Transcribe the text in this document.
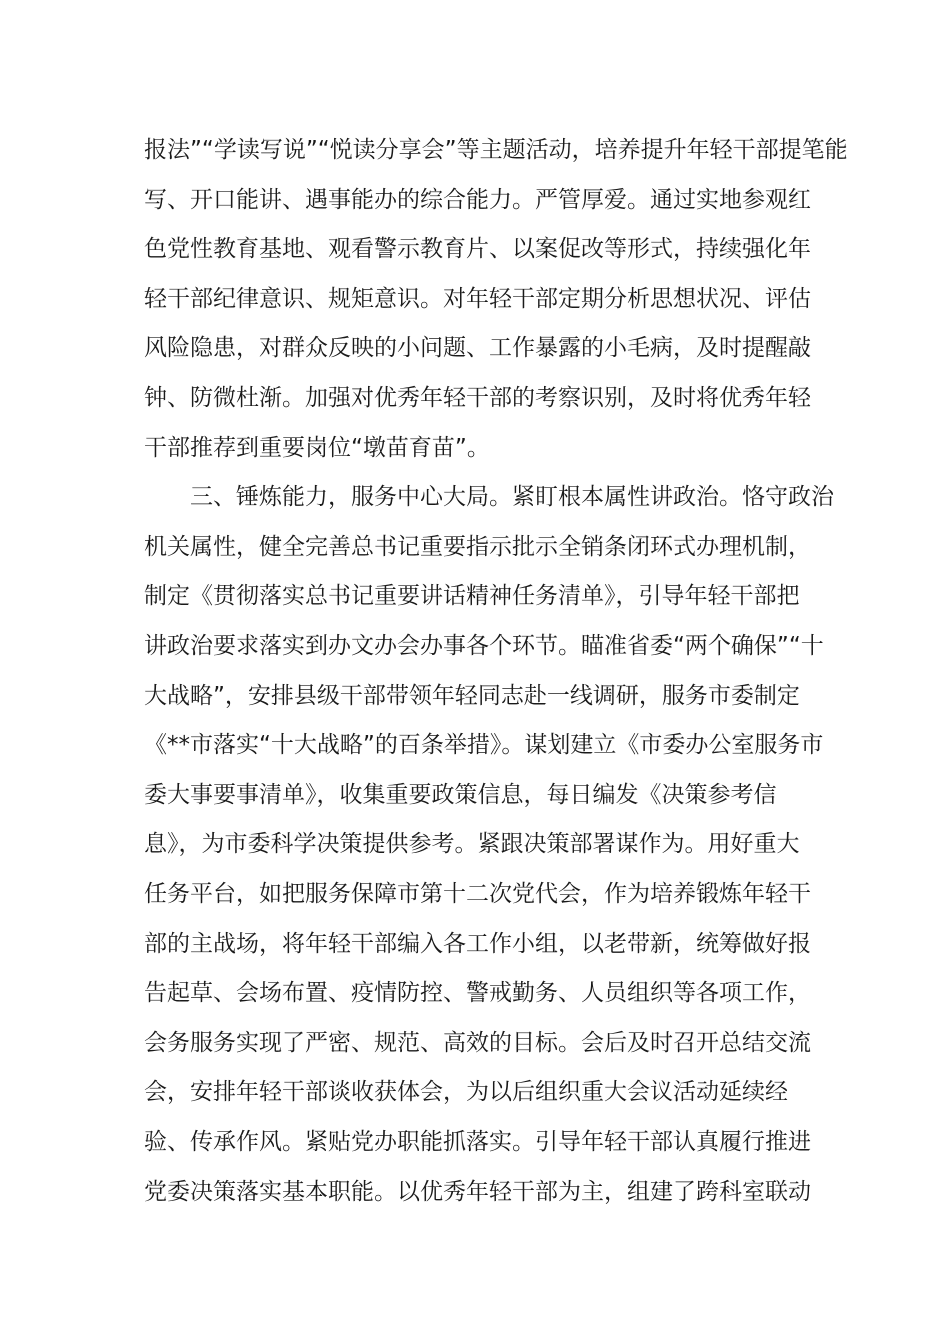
报法”“学读写说”“悦读分享会”等主题活动，培养提升年轻干部提笔能
写、开口能讲、遇事能办的综合能力。严管厚爱。通过实地参观红
色党性教育基地、观看警示教育片、以案促改等形式，持续强化年
轻干部纪律意识、规矩意识。对年轻干部定期分析思想状况、评估
风险隐患，对群众反映的小问题、工作暴露的小毛病，及时提醒敲
钟、防微杜渐。加强对优秀年轻干部的考察识别，及时将优秀年轻
干部推荐到重要岗位“墩苗育苗”。
三、锤炼能力，服务中心大局。紧盯根本属性讲政治。恪守政治
机关属性，健全完善总书记重要指示批示全销条闭环式办理机制，
制定《贯彻落实总书记重要讲话精神任务清单》，引导年轻干部把
讲政治要求落实到办文办会办事各个环节。瞄准省委“两个确保”“十
大战略”，安排县级干部带领年轻同志赴一线调研，服务市委制定
《**市落实“十大战略”的百条举措》。谋划建立《市委办公室服务市
委大事要事清单》，收集重要政策信息，每日编发《决策参考信
息》，为市委科学决策提供参考。紧跟决策部署谋作为。用好重大
任务平台，如把服务保障市第十二次党代会，作为培养锻炼年轻干
部的主战场，将年轻干部编入各工作小组，以老带新，统筹做好报
告起草、会场布置、疫情防控、警戒勤务、人员组织等各项工作，
会务服务实现了严密、规范、高效的目标。会后及时召开总结交流
会，安排年轻干部谈收获体会，为以后组织重大会议活动延续经
验、传承作风。紧贴党办职能抓落实。引导年轻干部认真履行推进
党委决策落实基本职能。以优秀年轻干部为主，组建了跨科室联动
